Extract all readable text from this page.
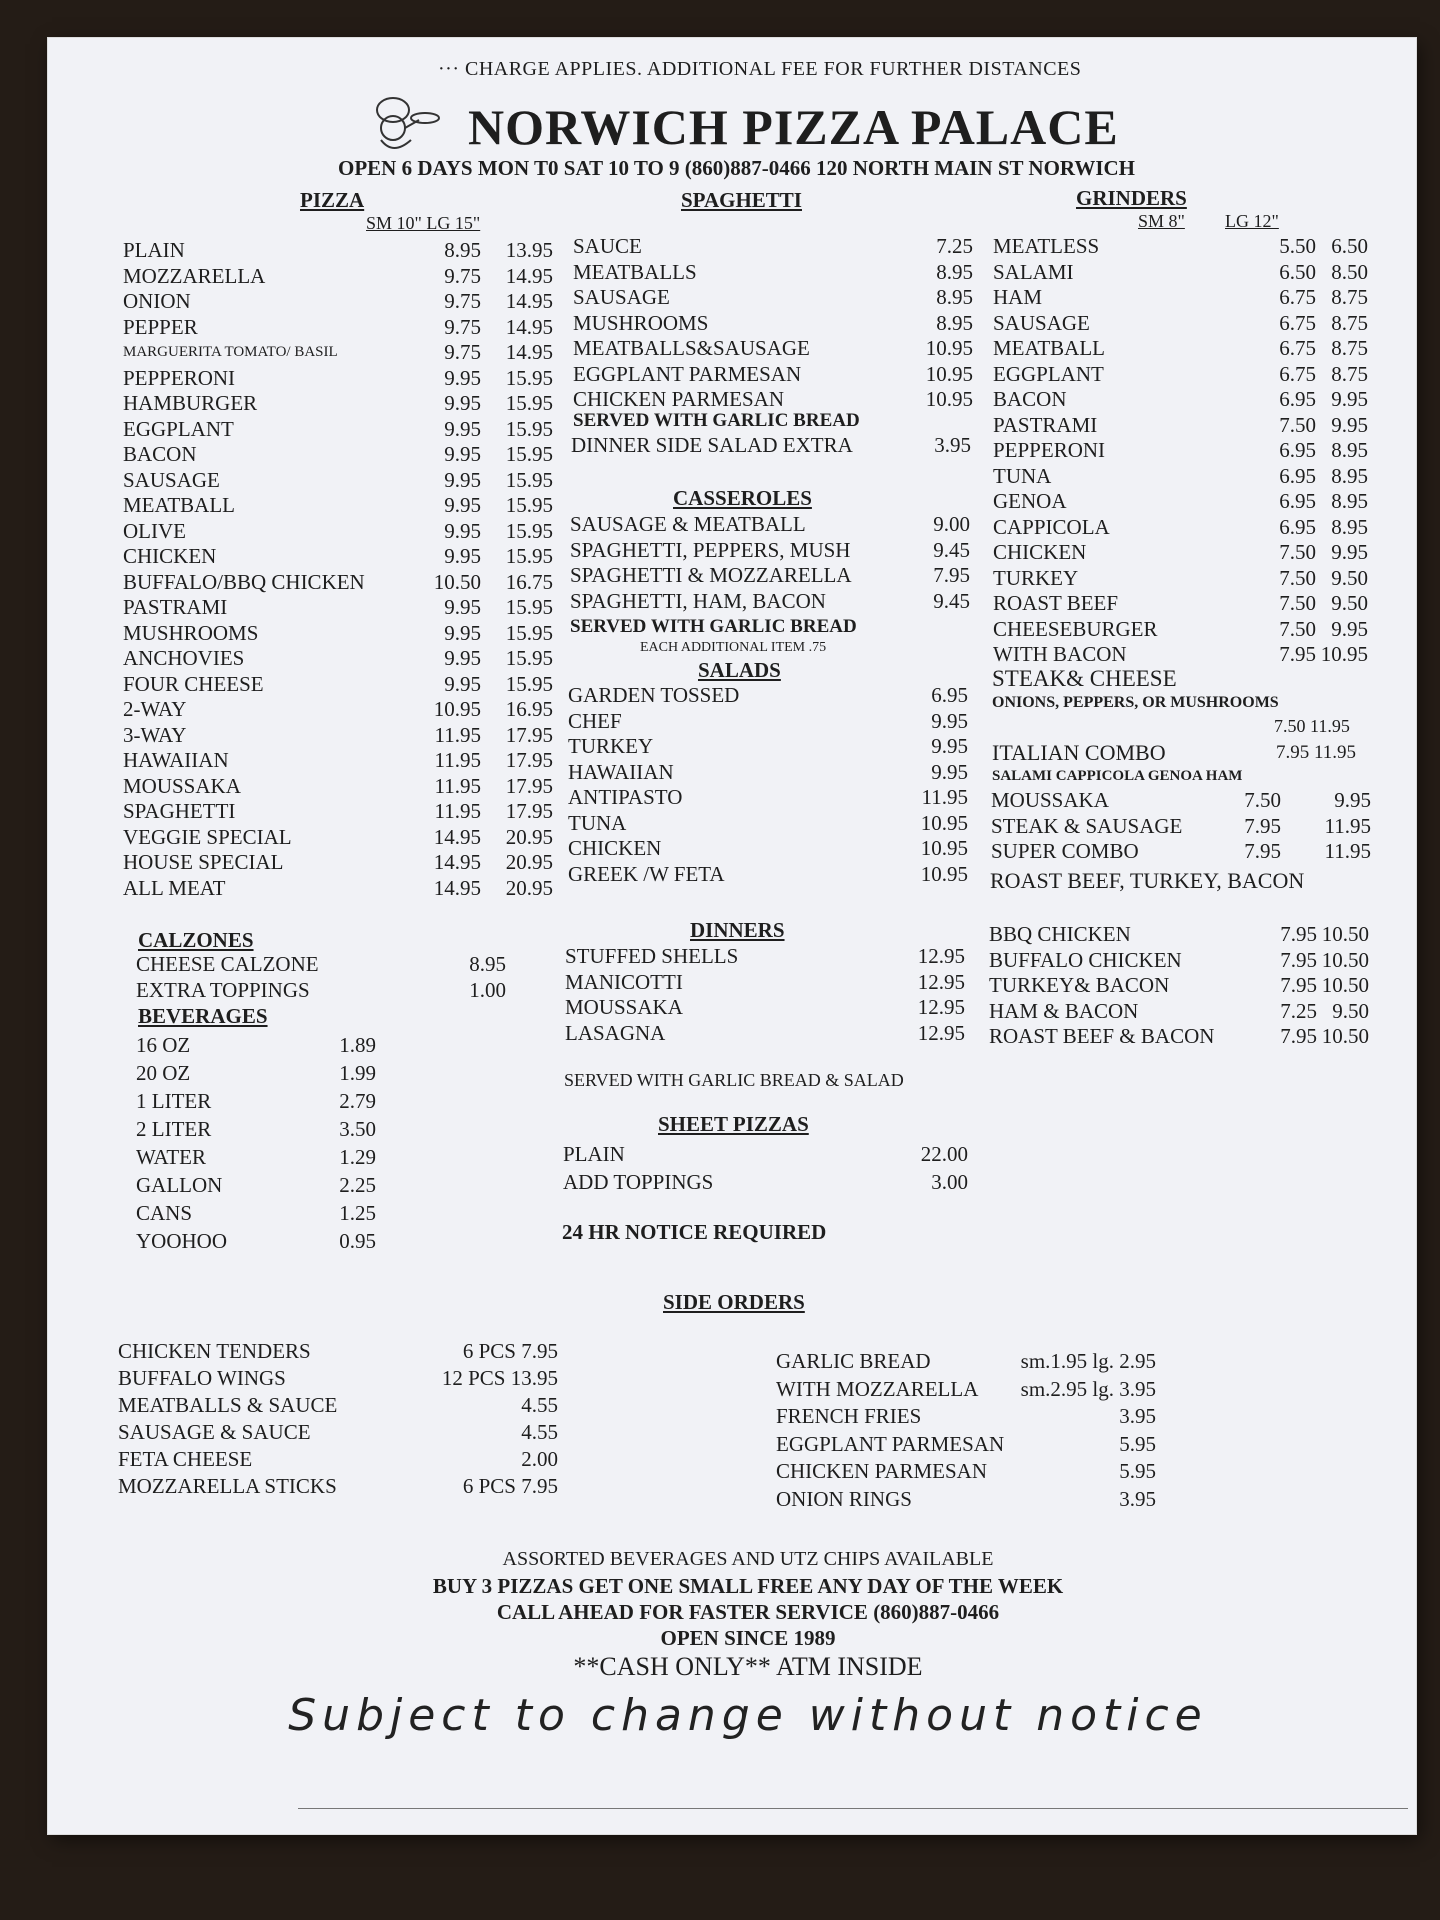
··· CHARGE APPLIES. ADDITIONAL FEE FOR FURTHER DISTANCES
NORWICH PIZZA PALACE
OPEN 6 DAYS MON T0 SAT 10 TO 9 (860)887-0466 120 NORTH MAIN ST NORWICH
PIZZA
SM 10" LG 15"
PLAIN	8.95 13.95
MOZZARELLA	9.75 14.95
ONION	9.75 14.95
PEPPER	9.75 14.95
MARGUERITA TOMATO/ BASIL	9.75 14.95
PEPPERONI	9.95 15.95
HAMBURGER	9.95 15.95
EGGPLANT	9.95 15.95
BACON	9.95 15.95
SAUSAGE	9.95 15.95
MEATBALL	9.95 15.95
OLIVE	9.95 15.95
CHICKEN	9.95 15.95
BUFFALO/BBQ CHICKEN	10.50 16.75
PASTRAMI	9.95 15.95
MUSHROOMS	9.95 15.95
ANCHOVIES	9.95 15.95
FOUR CHEESE	9.95 15.95
2-WAY	10.95 16.95
3-WAY	11.95 17.95
HAWAIIAN	11.95 17.95
MOUSSAKA	11.95 17.95
SPAGHETTI	11.95 17.95
VEGGIE SPECIAL	14.95 20.95
HOUSE SPECIAL	14.95 20.95
ALL MEAT	14.95 20.95
CALZONES
CHEESE CALZONE	8.95
EXTRA TOPPINGS	1.00
BEVERAGES
16 OZ	1.89
20 OZ	1.99
1 LITER	2.79
2 LITER	3.50
WATER	1.29
GALLON	2.25
CANS	1.25
YOOHOO	0.95
SPAGHETTI
SAUCE	7.25
MEATBALLS	8.95
SAUSAGE	8.95
MUSHROOMS	8.95
MEATBALLS&SAUSAGE	10.95
EGGPLANT PARMESAN	10.95
CHICKEN PARMESAN	10.95
SERVED WITH GARLIC BREAD
DINNER SIDE SALAD EXTRA	3.95
CASSEROLES
SAUSAGE & MEATBALL	9.00
SPAGHETTI, PEPPERS, MUSH	9.45
SPAGHETTI & MOZZARELLA	7.95
SPAGHETTI, HAM, BACON	9.45
SERVED WITH GARLIC BREAD
EACH ADDITIONAL ITEM .75
SALADS
GARDEN TOSSED	6.95
CHEF	9.95
TURKEY	9.95
HAWAIIAN	9.95
ANTIPASTO	11.95
TUNA	10.95
CHICKEN	10.95
GREEK /W FETA	10.95
DINNERS
STUFFED SHELLS	12.95
MANICOTTI	12.95
MOUSSAKA	12.95
LASAGNA	12.95
SERVED WITH GARLIC BREAD & SALAD
SHEET PIZZAS
PLAIN	22.00
ADD TOPPINGS	3.00
24 HR NOTICE REQUIRED
GRINDERS
SM 8" LG 12"
MEATLESS	5.50 6.50
SALAMI	6.50 8.50
HAM	6.75 8.75
SAUSAGE	6.75 8.75
MEATBALL	6.75 8.75
EGGPLANT	6.75 8.75
BACON	6.95 9.95
PASTRAMI	7.50 9.95
PEPPERONI	6.95 8.95
TUNA	6.95 8.95
GENOA	6.95 8.95
CAPPICOLA	6.95 8.95
CHICKEN	7.50 9.95
TURKEY	7.50 9.50
ROAST BEEF	7.50 9.50
CHEESEBURGER	7.50 9.95
WITH BACON	7.95 10.95
STEAK& CHEESE
ONIONS, PEPPERS, OR MUSHROOMS
7.50 11.95
ITALIAN COMBO	7.95 11.95
SALAMI CAPPICOLA GENOA HAM
MOUSSAKA	7.50	9.95
STEAK & SAUSAGE	7.95 11.95
SUPER COMBO	7.95 11.95
ROAST BEEF, TURKEY, BACON
BBQ CHICKEN	7.95 10.50
BUFFALO CHICKEN	7.95 10.50
TURKEY& BACON	7.95 10.50
HAM & BACON	7.25 9.50
ROAST BEEF & BACON	7.95 10.50
SIDE ORDERS
CHICKEN TENDERS	6 PCS 7.95
BUFFALO WINGS	12 PCS 13.95
MEATBALLS & SAUCE	4.55
SAUSAGE & SAUCE	4.55
FETA CHEESE	2.00
MOZZARELLA STICKS	6 PCS 7.95
GARLIC BREAD	sm.1.95 lg. 2.95
WITH MOZZARELLA sm.2.95 lg. 3.95
FRENCH FRIES	3.95
EGGPLANT PARMESAN	5.95
CHICKEN PARMESAN	5.95
ONION RINGS	3.95
ASSORTED BEVERAGES AND UTZ CHIPS AVAILABLE
BUY 3 PIZZAS GET ONE SMALL FREE ANY DAY OF THE WEEK
CALL AHEAD FOR FASTER SERVICE (860)887-0466
OPEN SINCE 1989
**CASH ONLY** ATM INSIDE
Subject to change without notice
